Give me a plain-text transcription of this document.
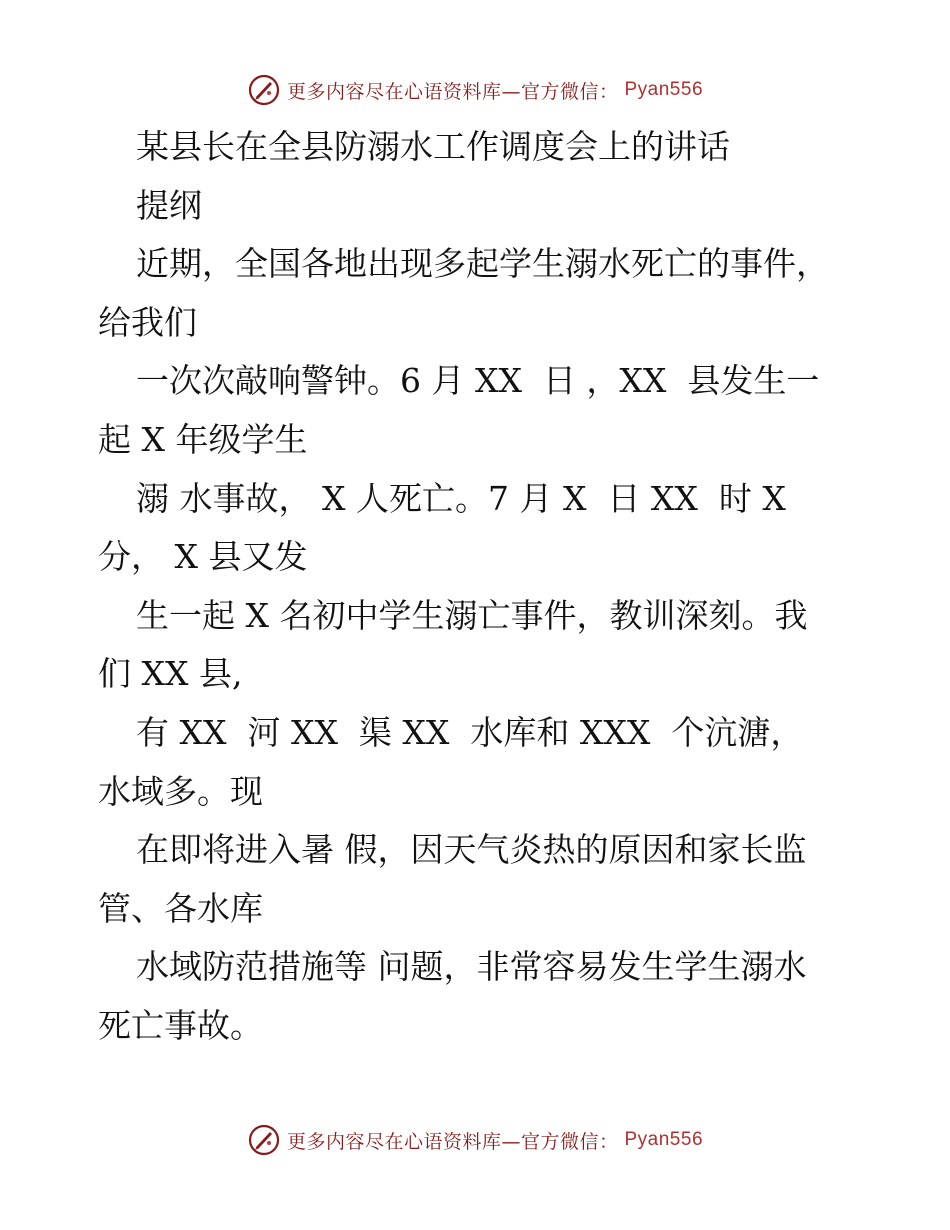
更多内容尽在心语资料库—官方微信： Pyan556

某县长在全县防溺水工作调度会上的讲话

提纲

近期，全国各地出现多起学生溺水死亡的事件，

给我们

一次次敲响警钟。6 月 XX  日 ，XX  县发生一

起 X 年级学生

溺 水事故， X 人死亡。7 月 X  日 XX  时 X

分， X 县又发

生一起 X 名初中学生溺亡事件，教训深刻。我

们 XX 县,

有 XX  河 XX  渠 XX  水库和 XXX  个沆溏，

水域多。现

在即将进入暑 假，因天气炎热的原因和家长监

管、各水库

水域防范措施等 问题，非常容易发生学生溺水

死亡事故。

更多内容尽在心语资料库—官方微信： Pyan556
